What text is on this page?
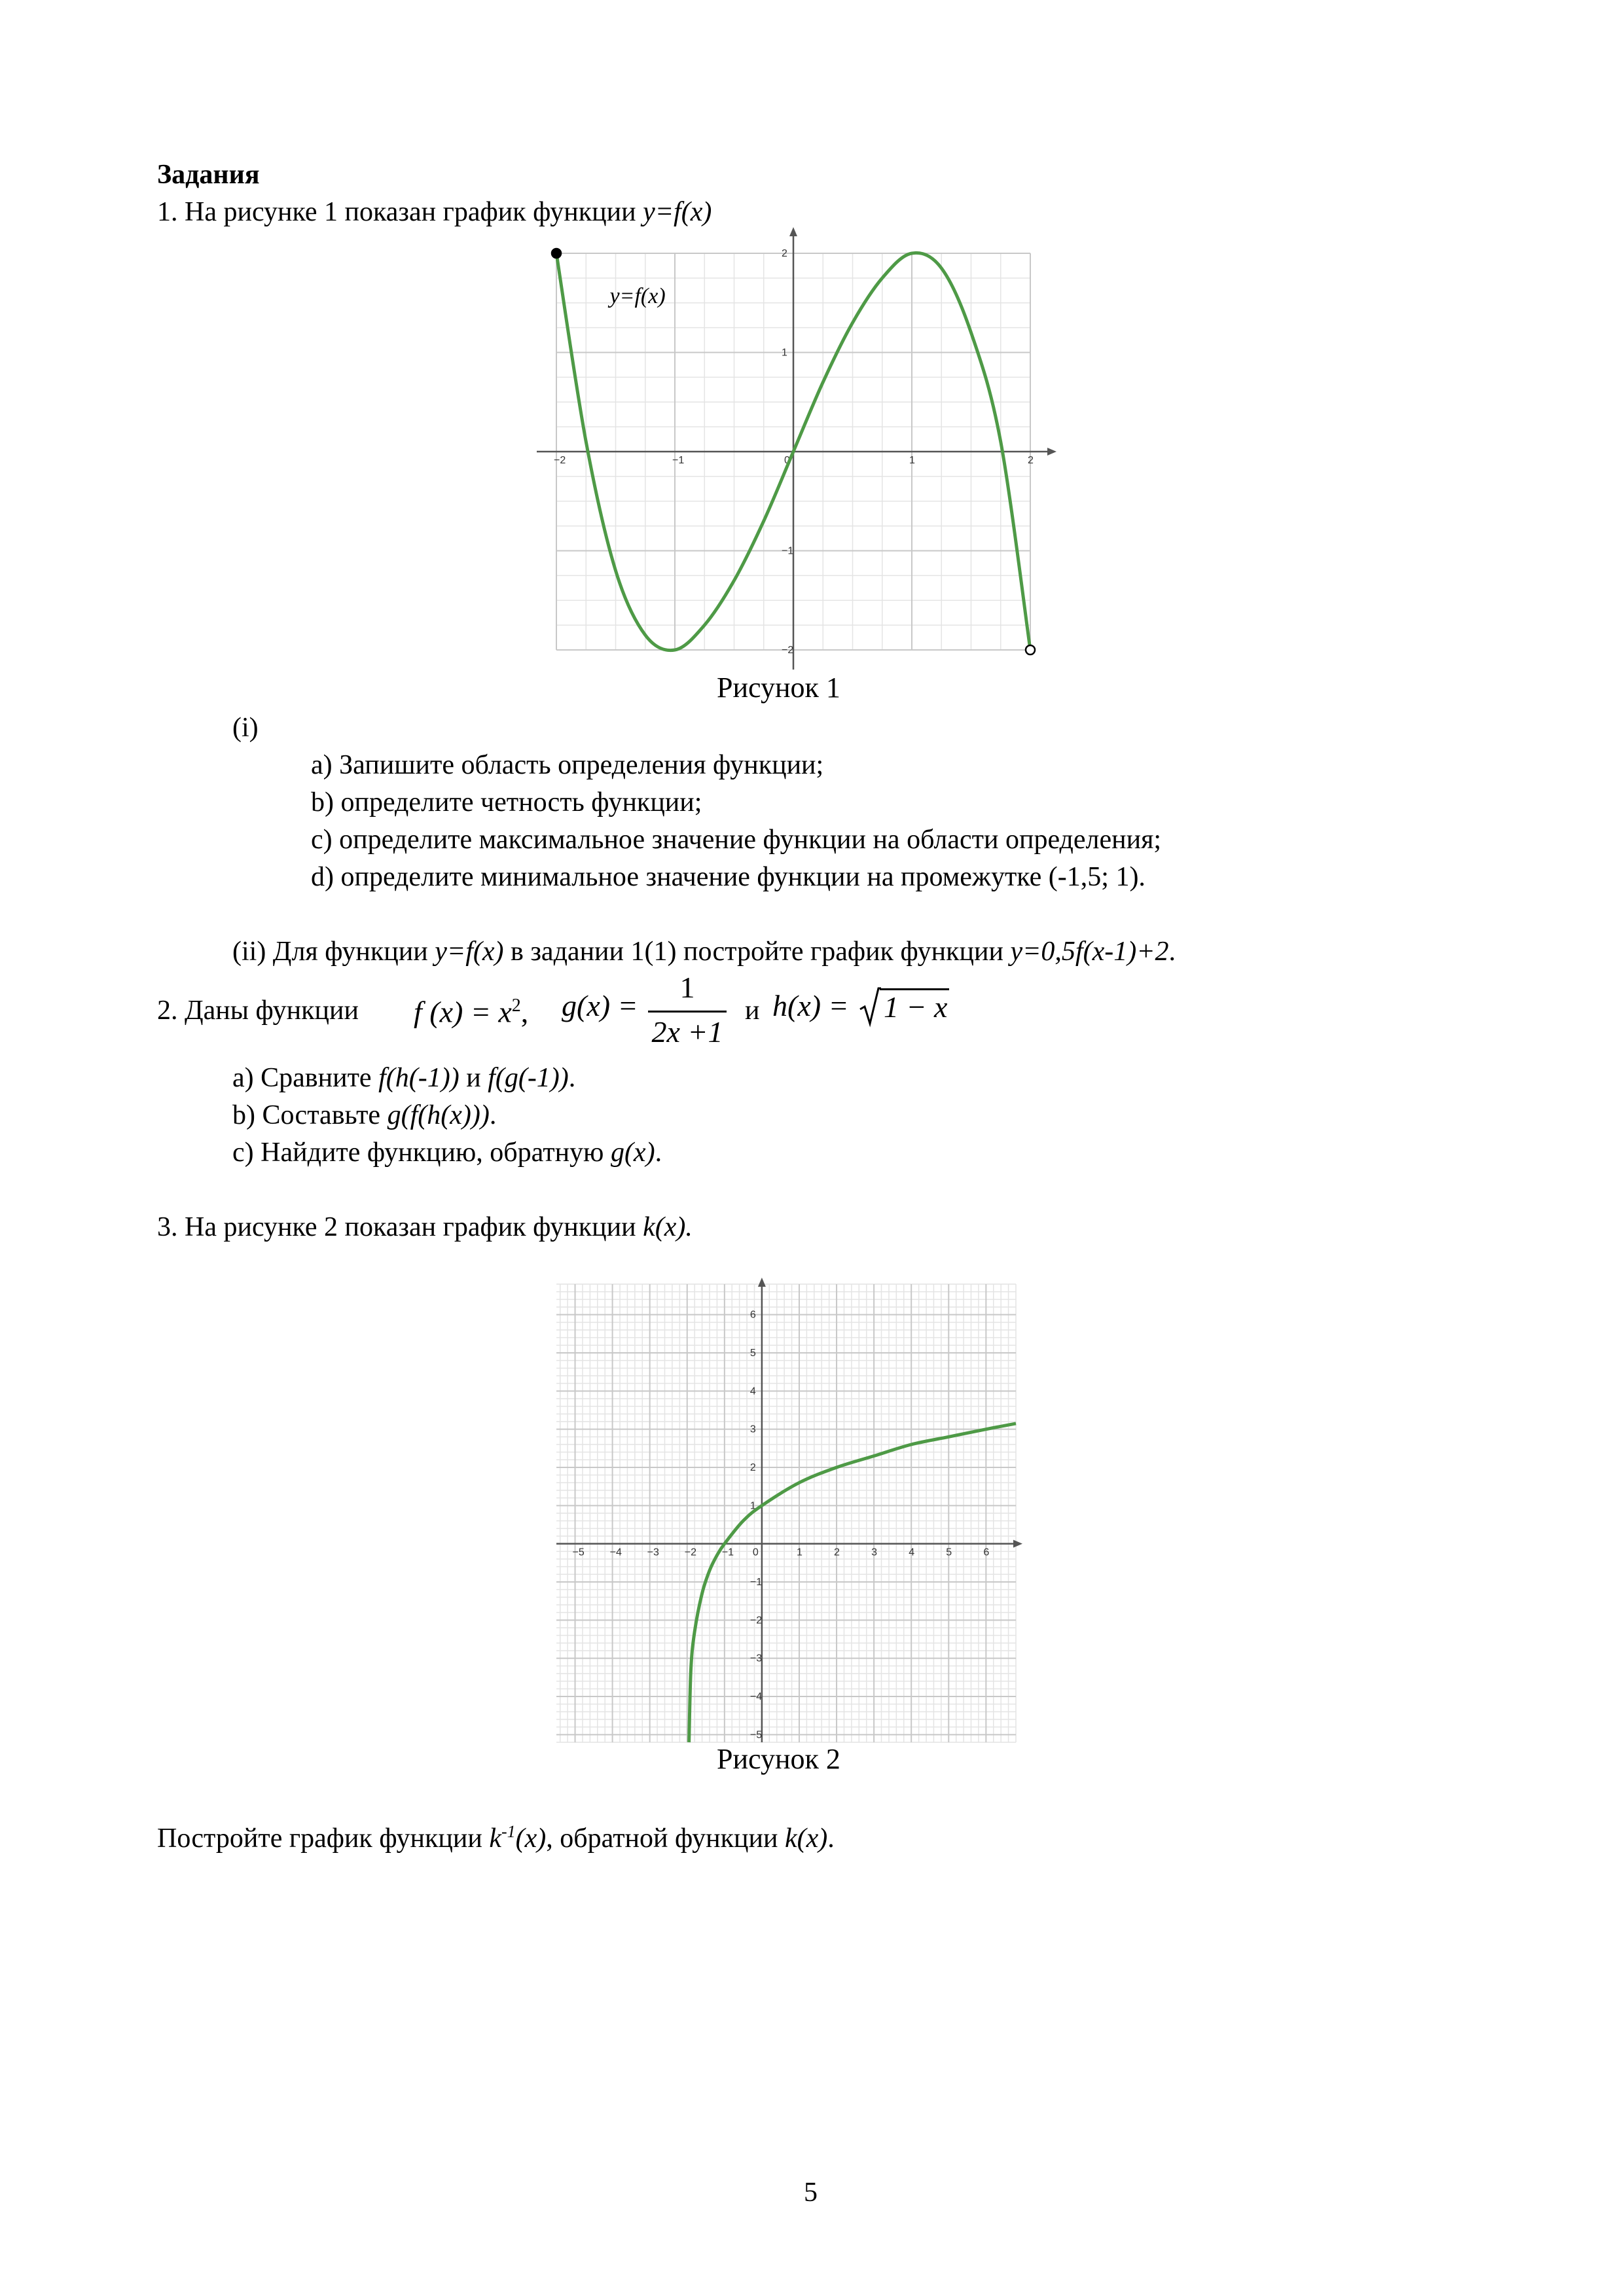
Задания
1. На рисунке 1 показан график функции y=f(x)
−2	−1	0	1	2
−2
−1
1
2
y=f(x)
Рисунок 1
(i)
a) Запишите область определения функции;
b) определите четность функции;
c) определите максимальное значение функции на области определения;
d) определите минимальное значение функции на промежутке (-1,5; 1).
(ii) Для функции y=f(x) в задании 1(1) постройте график функции y=0,5f(x-1)+2.
2. Даны функции f $(x) = x^2$, g(x) =
1
2x +1
и h(x) = 1 − x
a) Сравните f(h(-1)) и f(g(-1)).
b) Составьте g(f(h(x))).
c) Найдите функцию, обратную g(x).
3. На рисунке 2 показан график функции k(x).
−5 −4 −3 −2 −1 0	1	2	3	4	5	6
−5
−4
−3
−2
−1
1
2
3
4
5
6
Рисунок 2
Постройте график функции $k^{-1}(x)$, обратной функции k(x).
5
